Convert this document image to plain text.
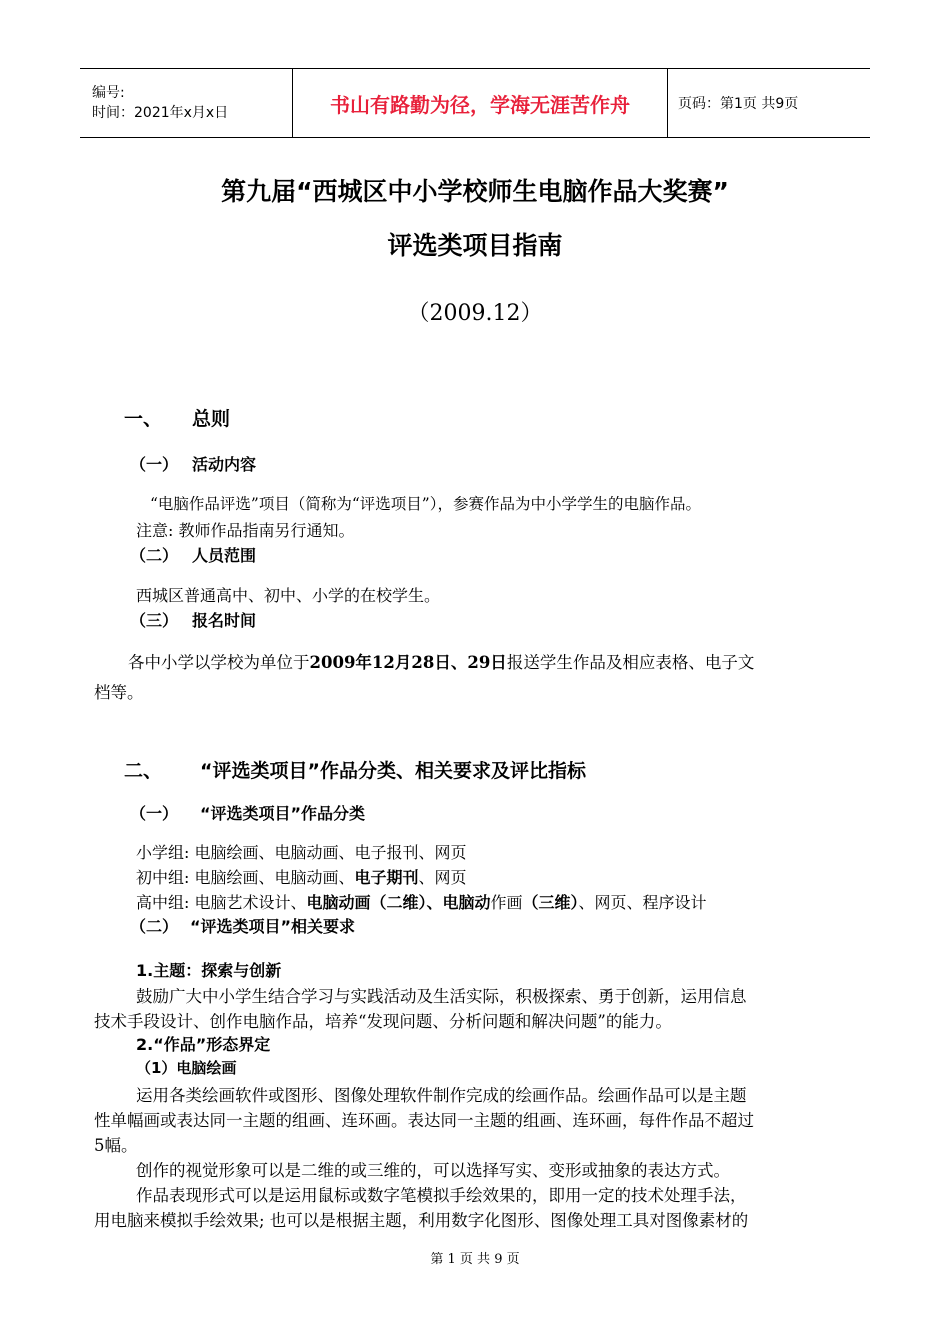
编号:
时间：2021年x月x日	书山有路勤为径，学海无涯苦作舟	页码：第1页 共9页
第九届“西城区中小学校师生电脑作品大奖赛”
评选类项目指南
（2009.12）
一、 总则
（一） 活动内容
“电脑作品评选”项目（简称为“评选项目”），参赛作品为中小学学生的电脑作品。
注意: 教师作品指南另行通知。
（二） 人员范围
西城区普通高中、初中、小学的在校学生。
（三） 报名时间
各中小学以学校为单位于2009年12月28日、29日报送学生作品及相应表格、电子文
档等。
二、 “评选类项目”作品分类、相关要求及评比指标
（一） “评选类项目”作品分类
小学组: 电脑绘画、电脑动画、电子报刊、网页
初中组: 电脑绘画、电脑动画、电子期刊、网页
高中组: 电脑艺术设计、电脑动画（二维）、电脑动作画（三维）、网页、程序设计
（二） “评选类项目”相关要求
1.主题：探索与创新
鼓励广大中小学生结合学习与实践活动及生活实际，积极探索、勇于创新，运用信息
技术手段设计、创作电脑作品，培养“发现问题、分析问题和解决问题”的能力。
2.“作品”形态界定
（1）电脑绘画
运用各类绘画软件或图形、图像处理软件制作完成的绘画作品。绘画作品可以是主题
性单幅画或表达同一主题的组画、连环画。表达同一主题的组画、连环画，每件作品不超过
5幅。
创作的视觉形象可以是二维的或三维的，可以选择写实、变形或抽象的表达方式。
作品表现形式可以是运用鼠标或数字笔模拟手绘效果的，即用一定的技术处理手法，
用电脑来模拟手绘效果; 也可以是根据主题，利用数字化图形、图像处理工具对图像素材的
第 1 页 共 9 页
